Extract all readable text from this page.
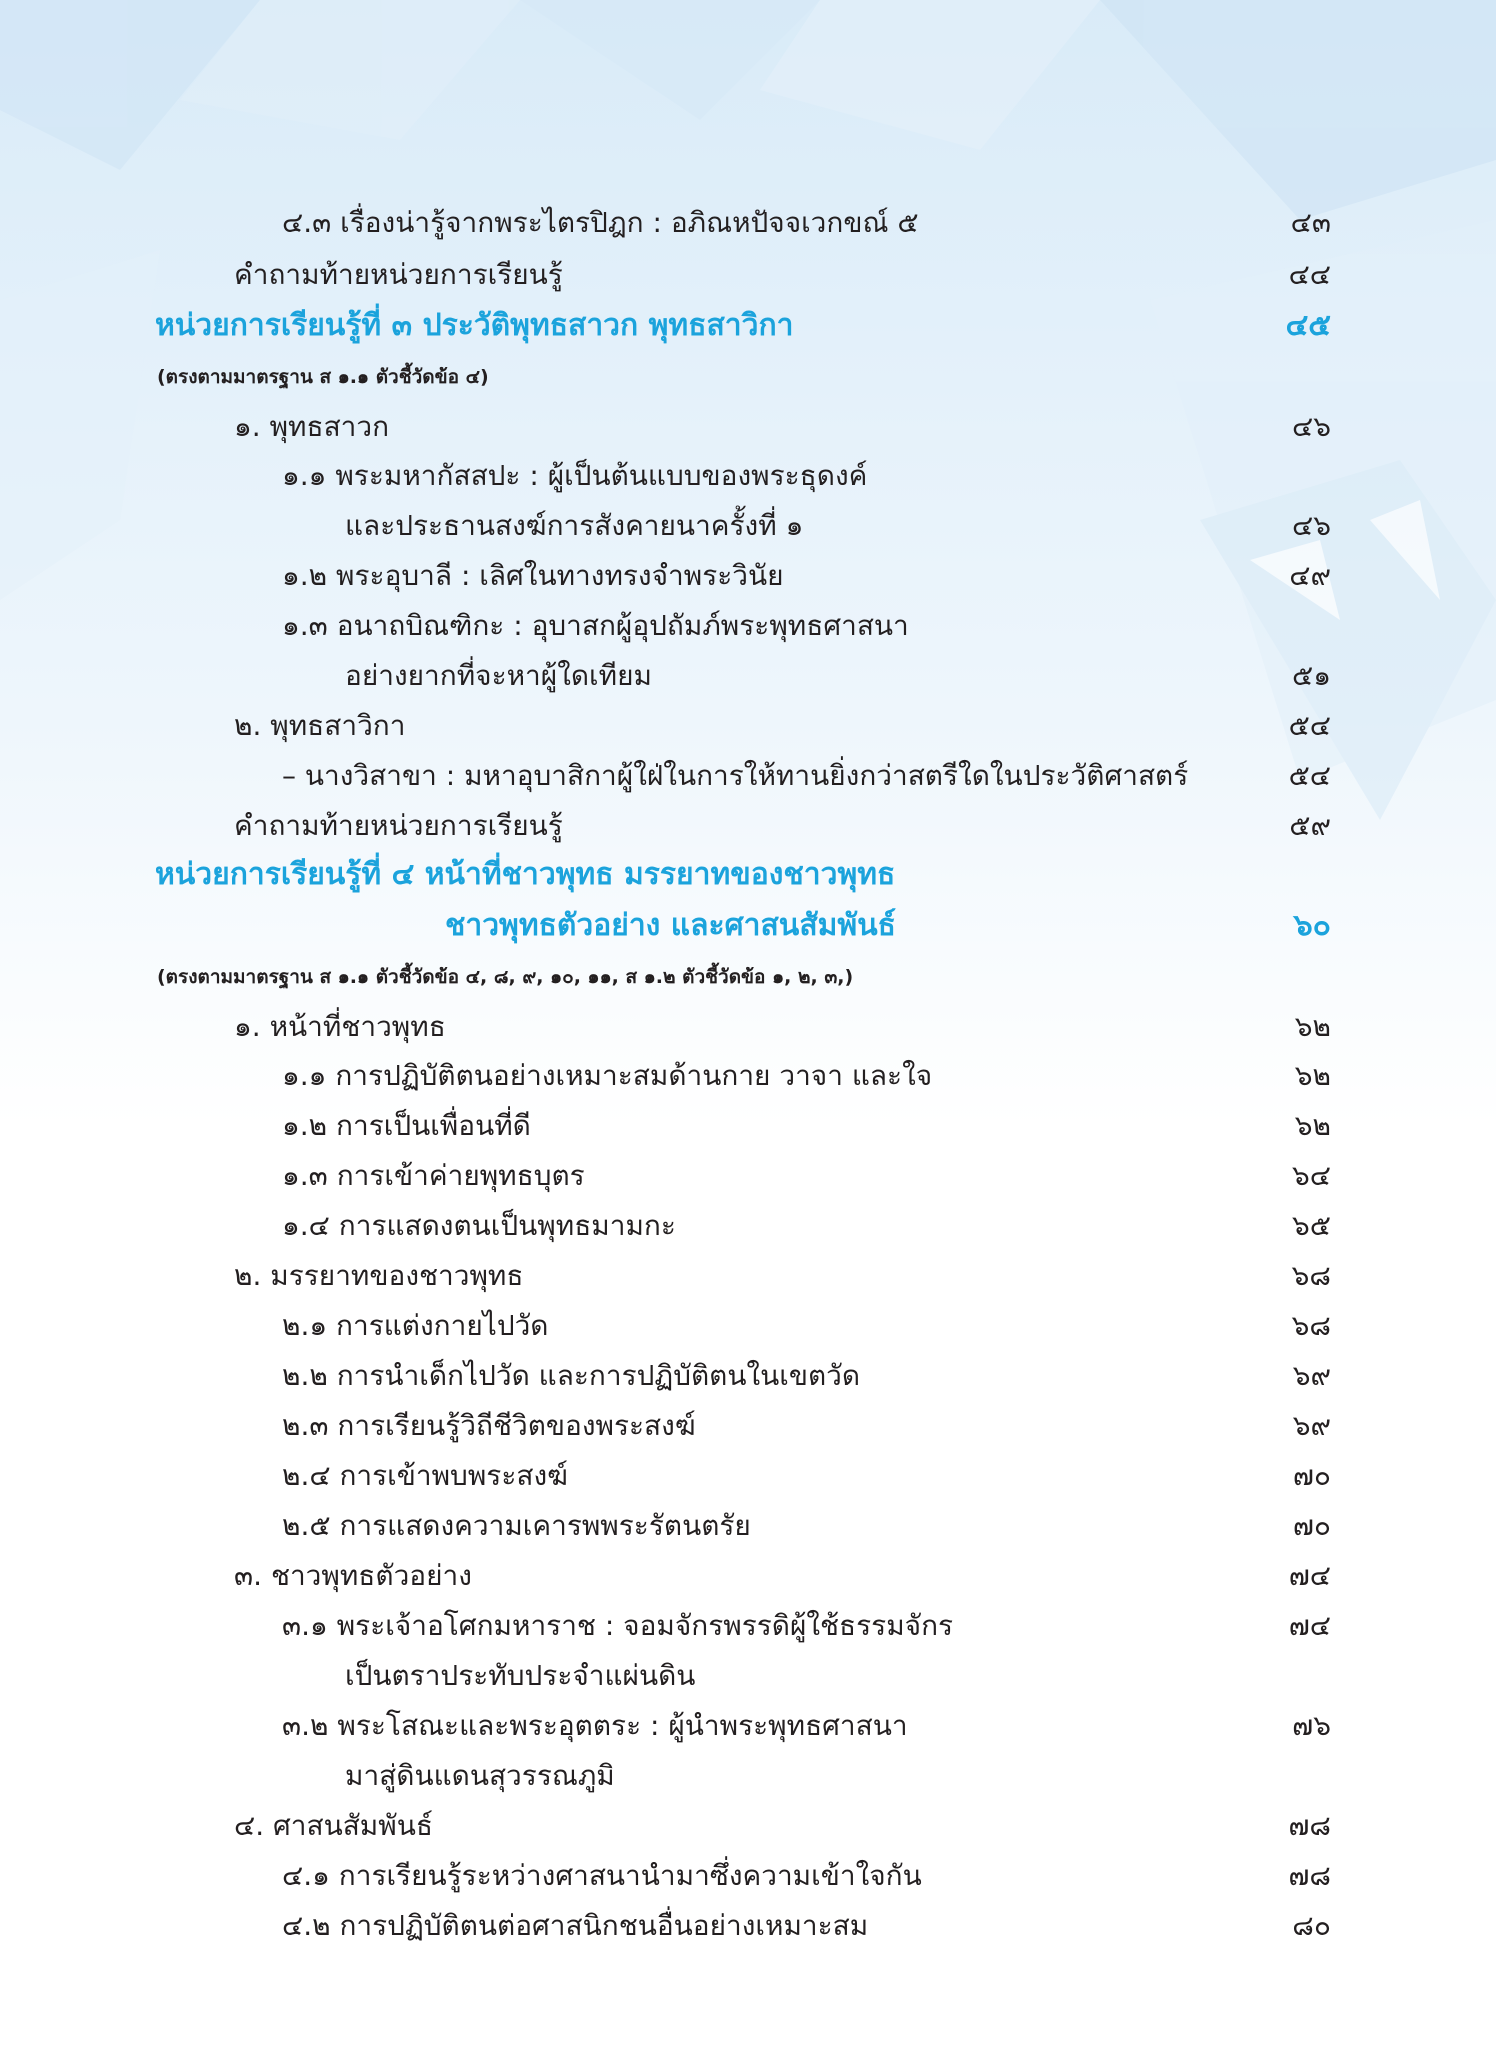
๔.๓ เรื่องน่ารู้จากพระไตรปิฎก : อภิณหปัจจเวกขณ์ ๕	๔๓
คำถามท้ายหน่วยการเรียนรู้	๔๔
หน่วยการเรียนรู้ที่ ๓ ประวัติพุทธสาวก พุทธสาวิกา	๔๕
(ตรงตามมาตรฐาน ส ๑.๑ ตัวชี้วัดข้อ ๔)
๑. พุทธสาวก	๔๖
๑.๑ พระมหากัสสปะ : ผู้เป็นต้นแบบของพระธุดงค์
และประธานสงฆ์การสังคายนาครั้งที่ ๑	๔๖
๑.๒ พระอุบาลี : เลิศในทางทรงจำพระวินัย	๔๙
๑.๓ อนาถบิณฑิกะ : อุบาสกผู้อุปถัมภ์พระพุทธศาสนา
อย่างยากที่จะหาผู้ใดเทียม	๕๑
๒. พุทธสาวิกา	๕๔
– นางวิสาขา : มหาอุบาสิกาผู้ใฝ่ในการให้ทานยิ่งกว่าสตรีใดในประวัติศาสตร์	๕๔
คำถามท้ายหน่วยการเรียนรู้	๕๙
หน่วยการเรียนรู้ที่ ๔ หน้าที่ชาวพุทธ มรรยาทของชาวพุทธ
ชาวพุทธตัวอย่าง และศาสนสัมพันธ์	๖๐
(ตรงตามมาตรฐาน ส ๑.๑ ตัวชี้วัดข้อ ๔, ๘, ๙, ๑๐, ๑๑, ส ๑.๒ ตัวชี้วัดข้อ ๑, ๒, ๓,)
๑. หน้าที่ชาวพุทธ	๖๒
๑.๑ การปฏิบัติตนอย่างเหมาะสมด้านกาย วาจา และใจ	๖๒
๑.๒ การเป็นเพื่อนที่ดี	๖๒
๑.๓ การเข้าค่ายพุทธบุตร	๖๔
๑.๔ การแสดงตนเป็นพุทธมามกะ	๖๕
๒. มรรยาทของชาวพุทธ	๖๘
๒.๑ การแต่งกายไปวัด	๖๘
๒.๒ การนำเด็กไปวัด และการปฏิบัติตนในเขตวัด	๖๙
๒.๓ การเรียนรู้วิถีชีวิตของพระสงฆ์	๖๙
๒.๔ การเข้าพบพระสงฆ์	๗๐
๒.๕ การแสดงความเคารพพระรัตนตรัย	๗๐
๓. ชาวพุทธตัวอย่าง	๗๔
๓.๑ พระเจ้าอโศกมหาราช : จอมจักรพรรดิผู้ใช้ธรรมจักร	๗๔
เป็นตราประทับประจำแผ่นดิน
๓.๒ พระโสณะและพระอุตตระ : ผู้นำพระพุทธศาสนา	๗๖
มาสู่ดินแดนสุวรรณภูมิ
๔. ศาสนสัมพันธ์	๗๘
๔.๑ การเรียนรู้ระหว่างศาสนานำมาซึ่งความเข้าใจกัน	๗๘
๔.๒ การปฏิบัติตนต่อศาสนิกชนอื่นอย่างเหมาะสม	๘๐
